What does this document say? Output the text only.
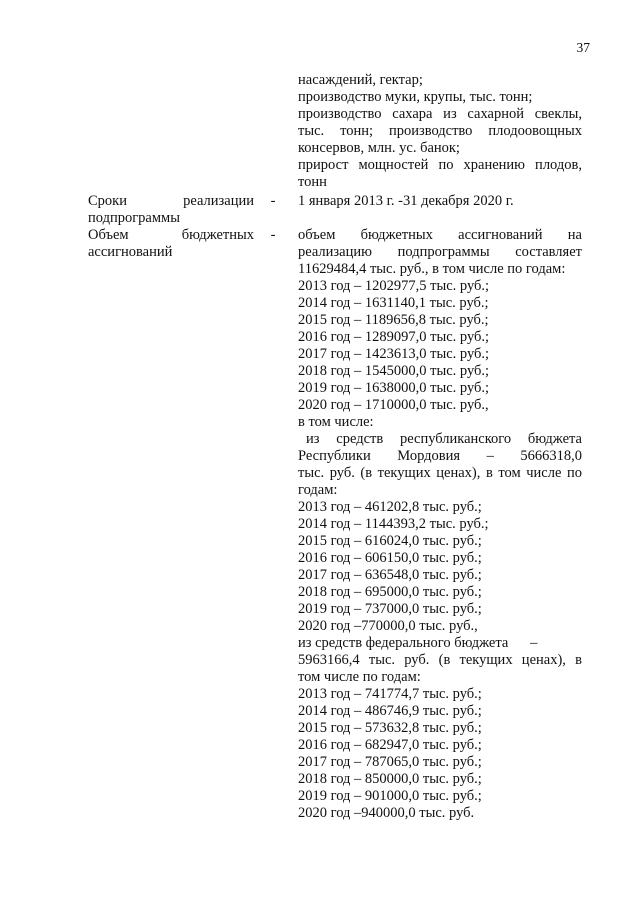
37
насаждений, гектар;
производство муки, крупы, тыс. тонн;
производство сахара из сахарной свеклы,
тыс. тонн; производство плодоовощных
консервов, млн. ус. банок;
прирост мощностей по хранению плодов,
тонн
Сроки реализации	-	1 января 2013 г. -31 декабря 2020 г.
подпрограммы
Объем бюджетных	-
ассигнований
объем бюджетных ассигнований на
реализацию подпрограммы составляет
11629484,4 тыс. руб., в том числе по годам:
2013 год – 1202977,5 тыс. руб.;
2014 год – 1631140,1 тыс. руб.;
2015 год – 1189656,8 тыс. руб.;
2016 год – 1289097,0 тыс. руб.;
2017 год – 1423613,0 тыс. руб.;
2018 год – 1545000,0 тыс. руб.;
2019 год – 1638000,0 тыс. руб.;
2020 год – 1710000,0 тыс. руб.,
в том числе:
из средств республиканского бюджета
Республики Мордовия – 5666318,0
тыс. руб. (в текущих ценах), в том числе по
годам:
2013 год – 461202,8 тыс. руб.;
2014 год – 1144393,2 тыс. руб.;
2015 год – 616024,0 тыс. руб.;
2016 год – 606150,0 тыс. руб.;
2017 год – 636548,0 тыс. руб.;
2018 год – 695000,0 тыс. руб.;
2019 год – 737000,0 тыс. руб.;
2020 год –770000,0 тыс. руб.,
из средств федерального бюджета      –
5963166,4 тыс. руб. (в текущих ценах), в
том числе по годам:
2013 год – 741774,7 тыс. руб.;
2014 год – 486746,9 тыс. руб.;
2015 год – 573632,8 тыс. руб.;
2016 год – 682947,0 тыс. руб.;
2017 год – 787065,0 тыс. руб.;
2018 год – 850000,0 тыс. руб.;
2019 год – 901000,0 тыс. руб.;
2020 год –940000,0 тыс. руб.
